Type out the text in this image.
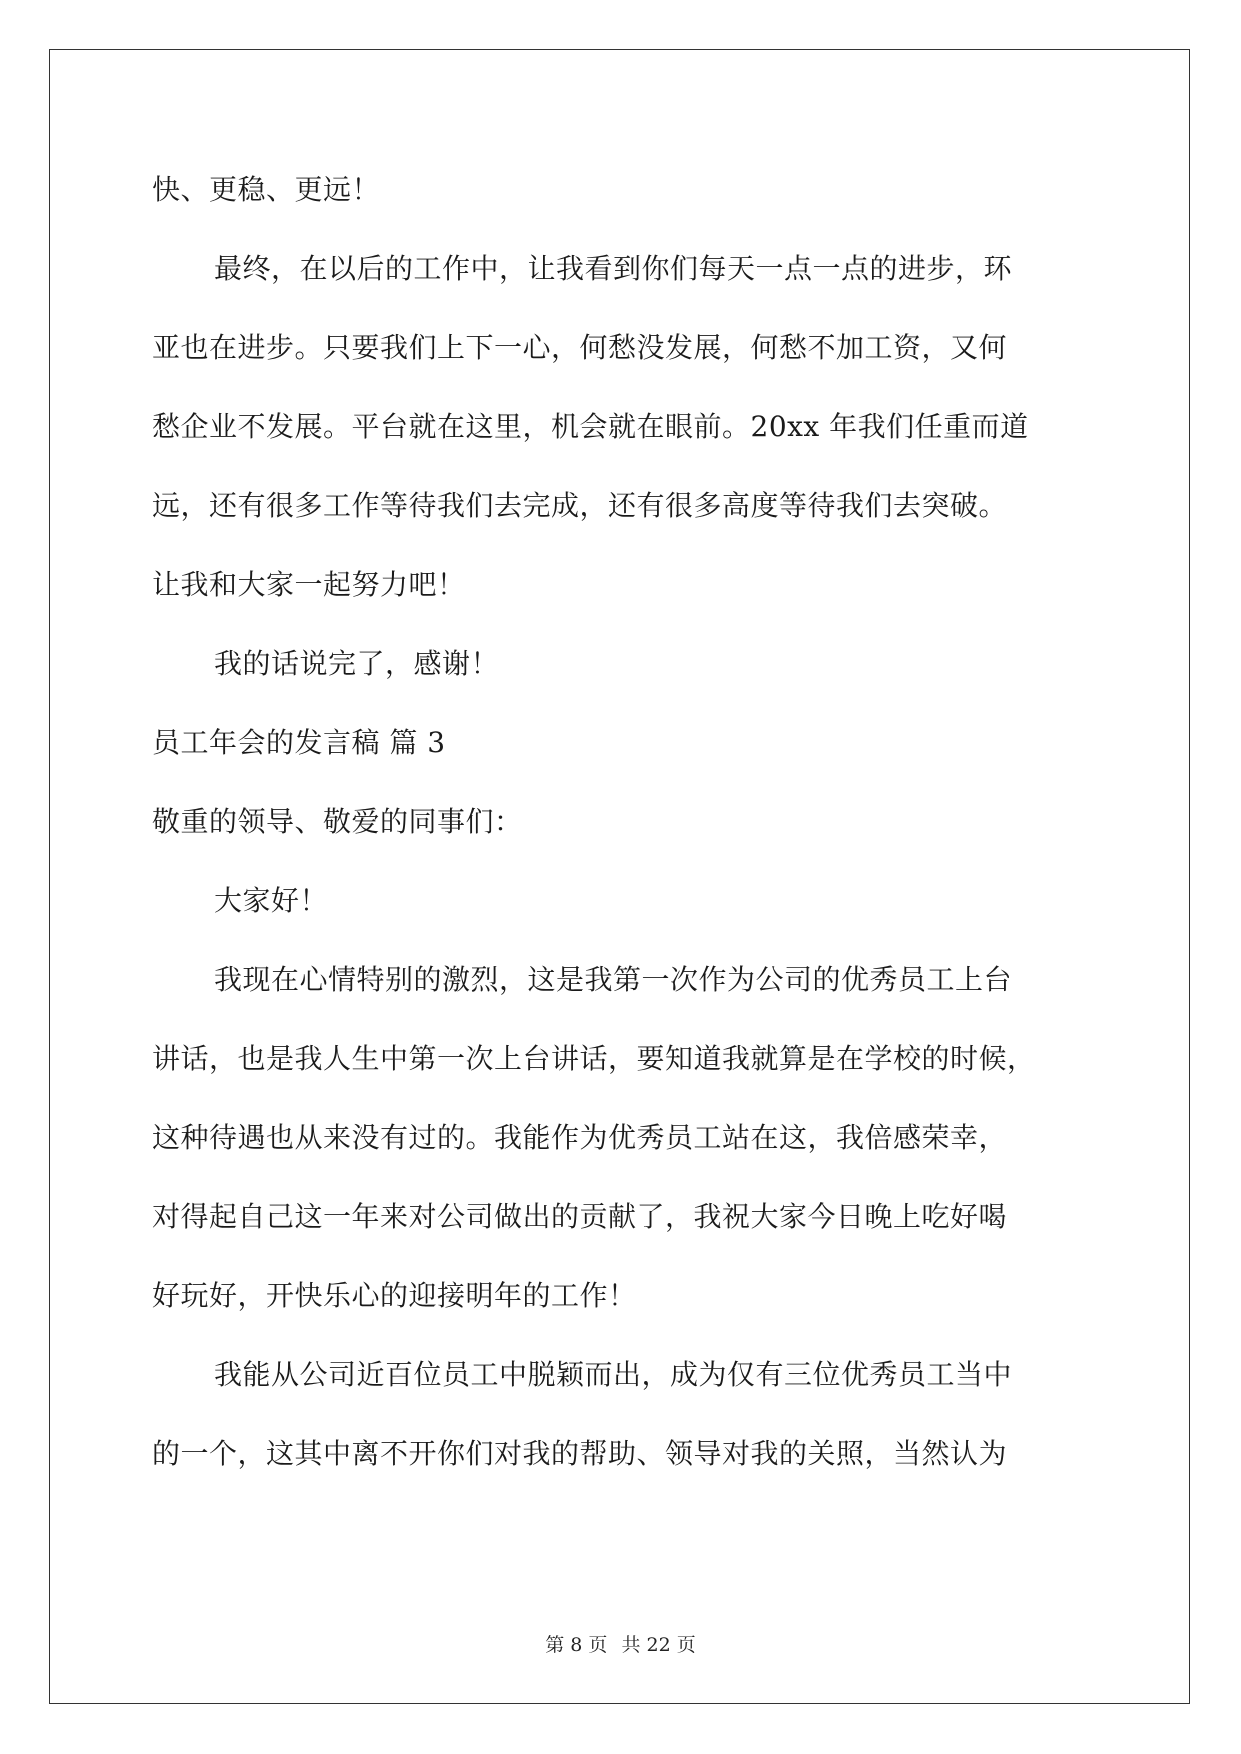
快、更稳、更远！
最终，在以后的工作中，让我看到你们每天一点一点的进步，环
亚也在进步。只要我们上下一心，何愁没发展，何愁不加工资，又何
愁企业不发展。平台就在这里，机会就在眼前。20xx 年我们任重而道
远，还有很多工作等待我们去完成，还有很多高度等待我们去突破。
让我和大家一起努力吧！
我的话说完了，感谢！
员工年会的发言稿 篇 3
敬重的领导、敬爱的同事们：
大家好！
我现在心情特别的激烈，这是我第一次作为公司的优秀员工上台
讲话，也是我人生中第一次上台讲话，要知道我就算是在学校的时候，
这种待遇也从来没有过的。我能作为优秀员工站在这，我倍感荣幸，
对得起自己这一年来对公司做出的贡献了，我祝大家今日晚上吃好喝
好玩好，开快乐心的迎接明年的工作！
我能从公司近百位员工中脱颖而出，成为仅有三位优秀员工当中
的一个，这其中离不开你们对我的帮助、领导对我的关照，当然认为
第 8 页 共 22 页
